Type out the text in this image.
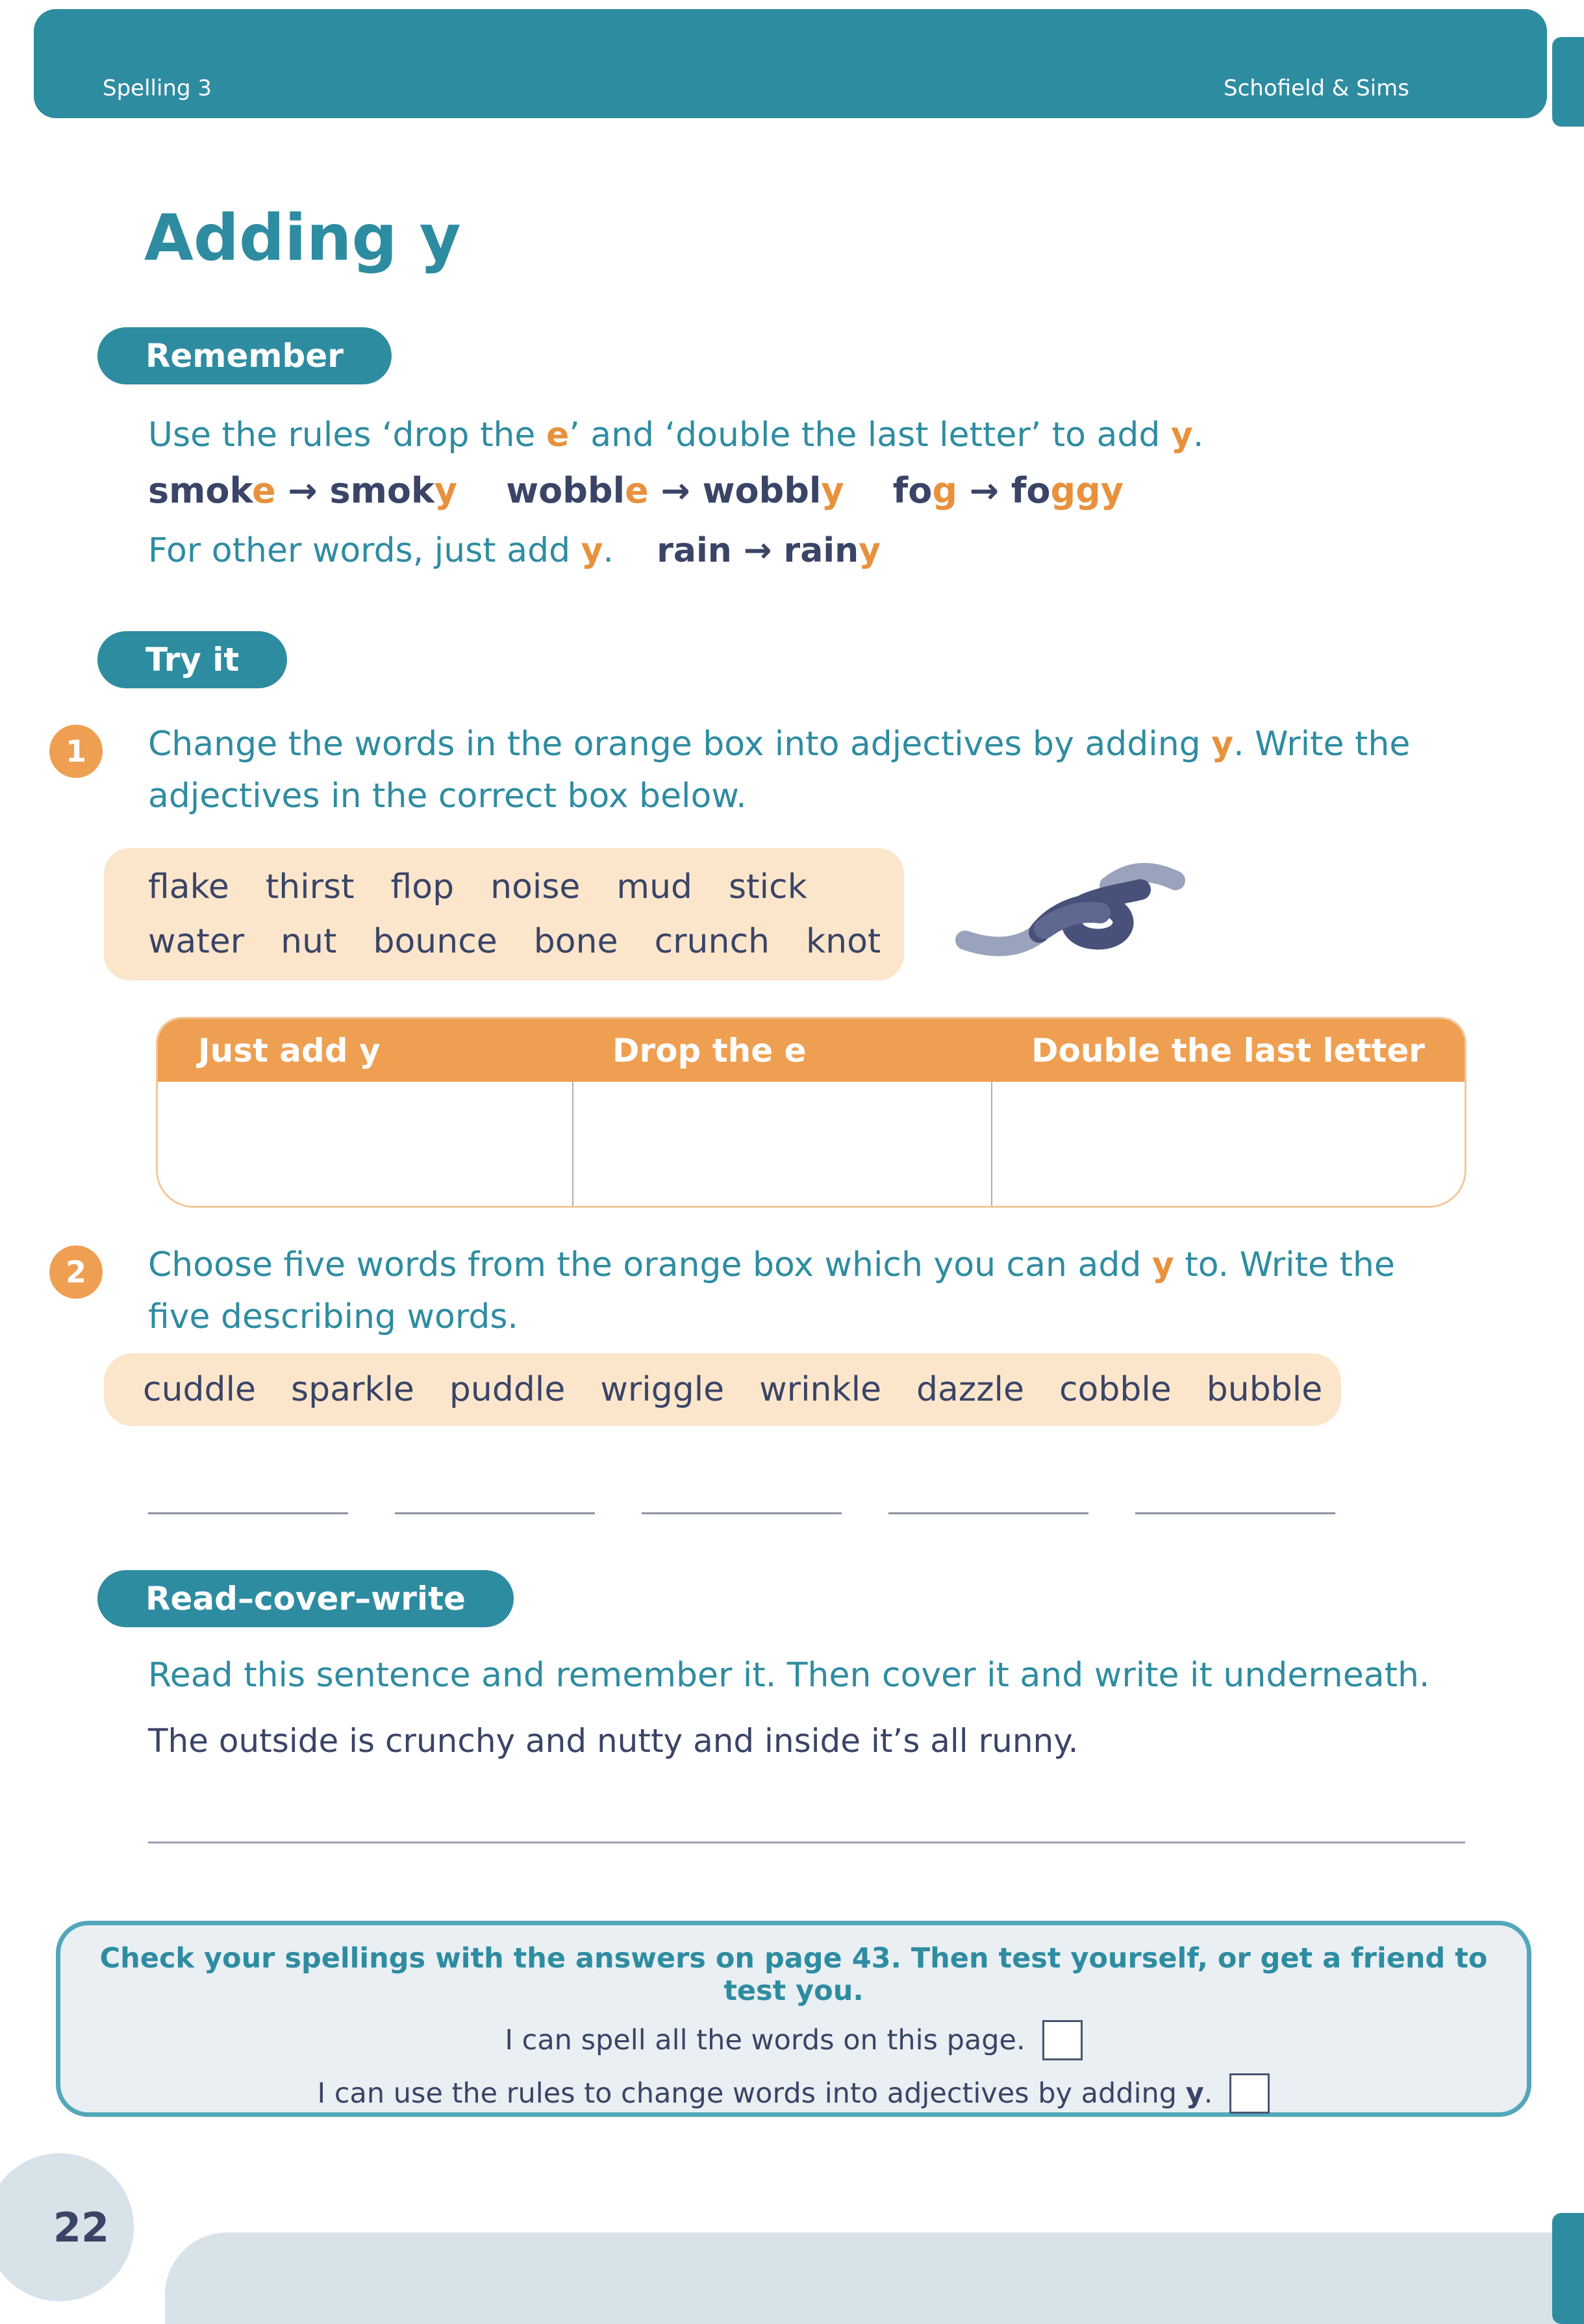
Spelling 3	Schofield & Sims
Adding y
Remember

Use the rules ‘drop the e’ and ‘double the last letter’ to add y.

smoke → smoky    wobble → wobbly    fog → foggy

For other words, just add y.    rain → rainy

Try it
1	Change the words in the orange box into adjectives by adding y. Write the
adjectives in the correct box below.

flake thirst flop noise mud stick
water nut bounce bone crunch knot
Just add y	Drop the e	Double the last letter
2	Choose five words from the orange box which you can add y to. Write the
five describing words.

cuddle sparkle puddle wriggle wrinkle dazzle cobble bubble
Read–cover–write

Read this sentence and remember it. Then cover it and write it underneath.

The outside is crunchy and nutty and inside it’s all runny.

Check your spellings with the answers on page 43. Then test yourself, or get a friend to test you.

I can spell all the words on this page.
I can use the rules to change words into adjectives by adding y.
22
